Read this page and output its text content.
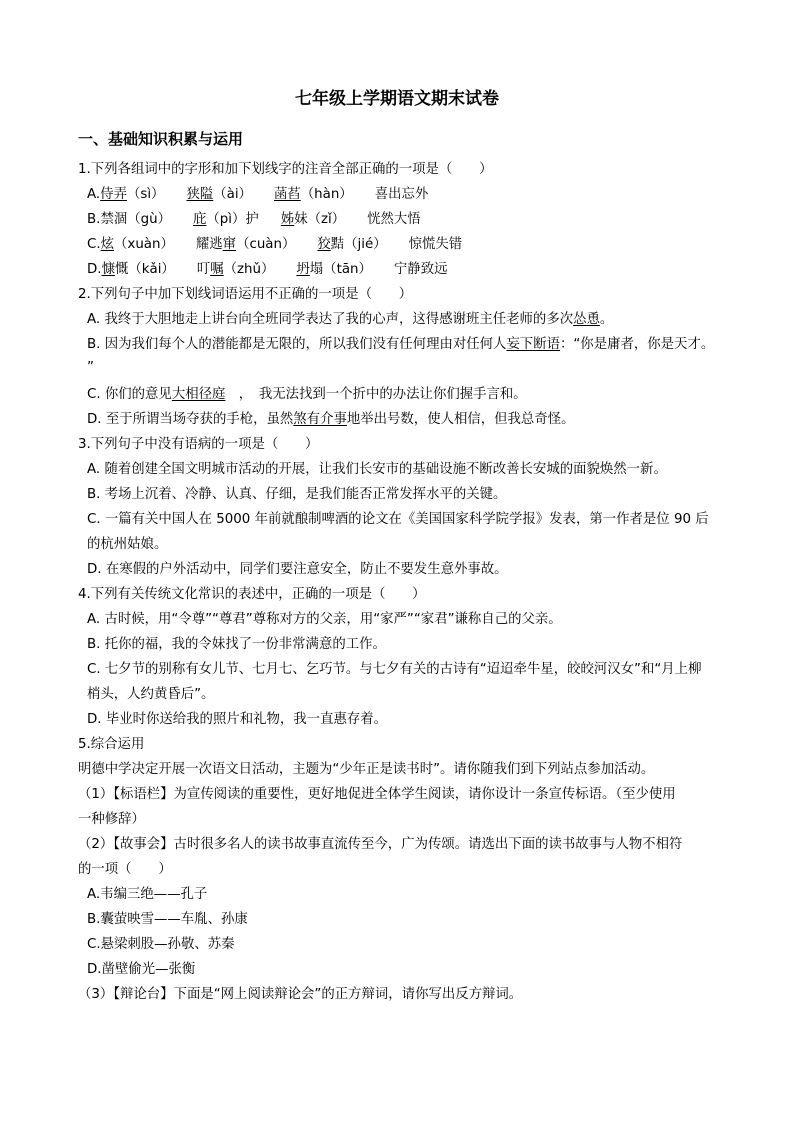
七年级上学期语文期末试卷
一、基础知识积累与运用
1.下列各组词中的字形和加下划线字的注音全部正确的一项是（　　）
A.侍弄（sì） 狭隘（ài） 菡萏（hàn） 喜出忘外
B.禁涸（gù） 庇（pì）护 姊妹（zǐ） 恍然大悟
C.炫（xuàn） 耀逃窜（cuàn） 狡黠（jié） 惊慌失错
D.慷慨（kǎi） 叮嘱（zhǔ） 坍塌（tān） 宁静致远
2.下列句子中加下划线词语运用不正确的一项是（　　）
A. 我终于大胆地走上讲台向全班同学表达了我的心声，这得感谢班主任老师的多次怂恿。
B. 因为我们每个人的潜能都是无限的，所以我们没有任何理由对任何人妄下断语：“你是庸者，你是天才。
”
C. 你们的意见大相径庭　，　我无法找到一个折中的办法让你们握手言和。
D. 至于所谓当场夺获的手枪，虽然煞有介事地举出号数，使人相信，但我总奇怪。
3.下列句子中没有语病的一项是（　　）
A. 随着创建全国文明城市活动的开展，让我们长安市的基础设施不断改善长安城的面貌焕然一新。
B. 考场上沉着、冷静、认真、仔细，是我们能否正常发挥水平的关键。
C. 一篇有关中国人在 5000 年前就酿制啤酒的论文在《美国国家科学院学报》发表，第一作者是位 90 后
的杭州姑娘。
D. 在寒假的户外活动中，同学们要注意安全，防止不要发生意外事故。
4.下列有关传统文化常识的表述中，正确的一项是（　　）
A. 古时候，用“令尊”“尊君”尊称对方的父亲，用“家严”“家君”谦称自己的父亲。
B. 托你的福，我的令妹找了一份非常满意的工作。
C. 七夕节的别称有女儿节、七月七、乞巧节。与七夕有关的古诗有“迢迢牵牛星，皎皎河汉女”和“月上柳
梢头，人约黄昏后”。
D. 毕业时你送给我的照片和礼物，我一直惠存着。
5.综合运用
明德中学决定开展一次语文日活动，主题为“少年正是读书时”。请你随我们到下列站点参加活动。
（1）【标语栏】为宣传阅读的重要性，更好地促进全体学生阅读，请你设计一条宣传标语。（至少使用
一种修辞）
（2）【故事会】古时很多名人的读书故事直流传至今，广为传颂。请选出下面的读书故事与人物不相符
的一项（　　）
A.韦编三绝——孔子
B.囊萤映雪——车胤、孙康
C.悬梁刺股—孙敬、苏秦
D.凿壁偷光—张衡
（3）【辩论台】下面是“网上阅读辩论会”的正方辩词，请你写出反方辩词。
